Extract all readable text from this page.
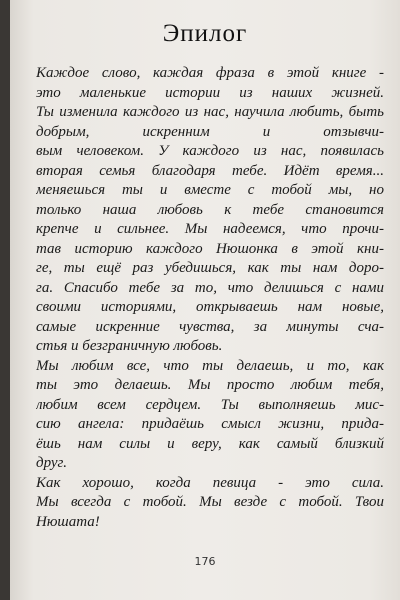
Эпилог
Каждое слово, каждая фраза в этой книге -
это маленькие истории из наших жизней.
Ты изменила каждого из нас, научила любить, быть добрым, искренним и отзывчи-
вым человеком. У каждого из нас, появилась
вторая семья благодаря тебе. Идёт время...
меняешься ты и вместе с тобой мы, но
только наша любовь к тебе становится
крепче и сильнее. Мы надеемся, что прочи-
тав историю каждого Нюшонка в этой кни-
ге, ты ещё раз убедишься, как ты нам доро-
га. Спасибо тебе за то, что делишься с нами
своими историями, открываешь нам новые,
самые искренние чувства, за минуты сча-
стья и безграничную любовь.
Мы любим все, что ты делаешь, и то, как
ты это делаешь. Мы просто любим тебя,
любим всем сердцем. Ты выполняешь мис-
сию ангела: придаёшь смысл жизни, прида-
ёшь нам силы и веру, как самый близкий
друг.
Как хорошо, когда певица - это сила.
Мы всегда с тобой. Мы везде с тобой. Твои
Нюшата!
176
